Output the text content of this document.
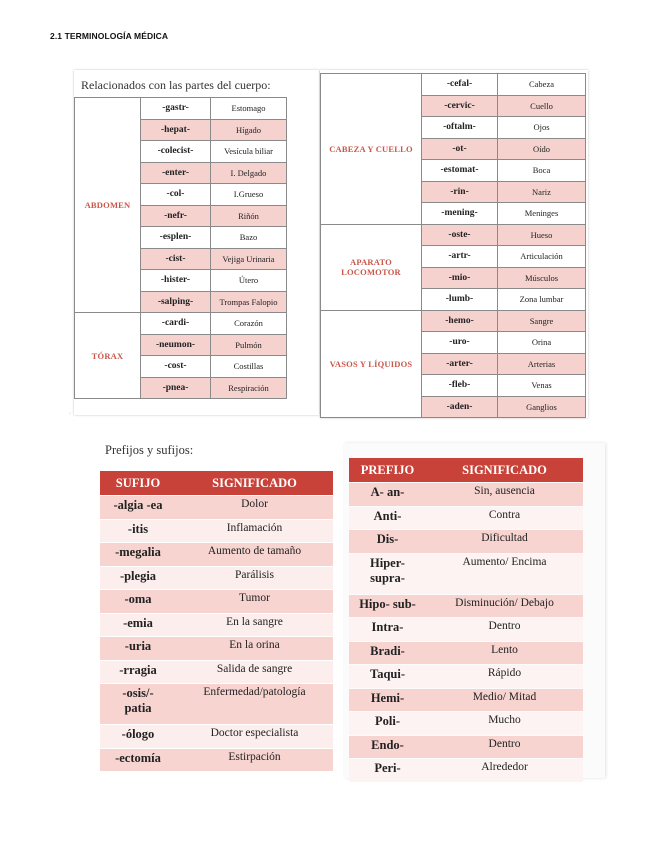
2.1 TERMINOLOGÍA MÉDICA
Relacionados con las partes del cuerpo:
ABDOMEN	-gastr-	Estomago
	-hepat-	Hígado
	-colecist-	Vesícula biliar
	-enter-	I. Delgado
	-col-	I.Grueso
	-nefr-	Riñón
	-esplen-	Bazo
	-cist-	Vejiga Urinaria
	-hister-	Útero
	-salping-	Trompas Falopio
TÓRAX	-cardi-	Corazón
	-neumon-	Pulmón
	-cost-	Costillas
	-pnea-	Respiración
·
CABEZA Y CUELLO	-cefal-	Cabeza
	-cervic-	Cuello
	-oftalm-	Ojos
	-ot-	Oído
	-estomat-	Boca
	-rin-	Nariz
	-mening-	Meninges
APARATO LOCOMOTOR	-oste-	Hueso
	-artr-	Articulación
	-mio-	Músculos
	-lumb-	Zona lumbar
VASOS Y LÍQUIDOS	-hemo-	Sangre
	-uro-	Orina
	-arter-	Arterias
	-fleb-	Venas
	-aden-	Ganglios
Prefijos y sufijos:
SUFIJO	SIGNIFICADO
-algia -ea	Dolor
-itis	Inflamación
-megalia	Aumento de tamaño
-plegia	Parálisis
-oma	Tumor
-emia	En la sangre
-uria	En la orina
-rragia	Salida de sangre
-osis/-
patia	Enfermedad/patología
-ólogo	Doctor especialista
-ectomía	Estirpación
PREFIJO	SIGNIFICADO
A- an-	Sin, ausencia
Anti-	Contra
Dis-	Dificultad
Hiper-
supra-	Aumento/ Encima
Hipo- sub-	Disminución/ Debajo
Intra-	Dentro
Bradi-	Lento
Taqui-	Rápido
Hemi-	Medio/ Mitad
Poli-	Mucho
Endo-	Dentro
Peri-	Alrededor
